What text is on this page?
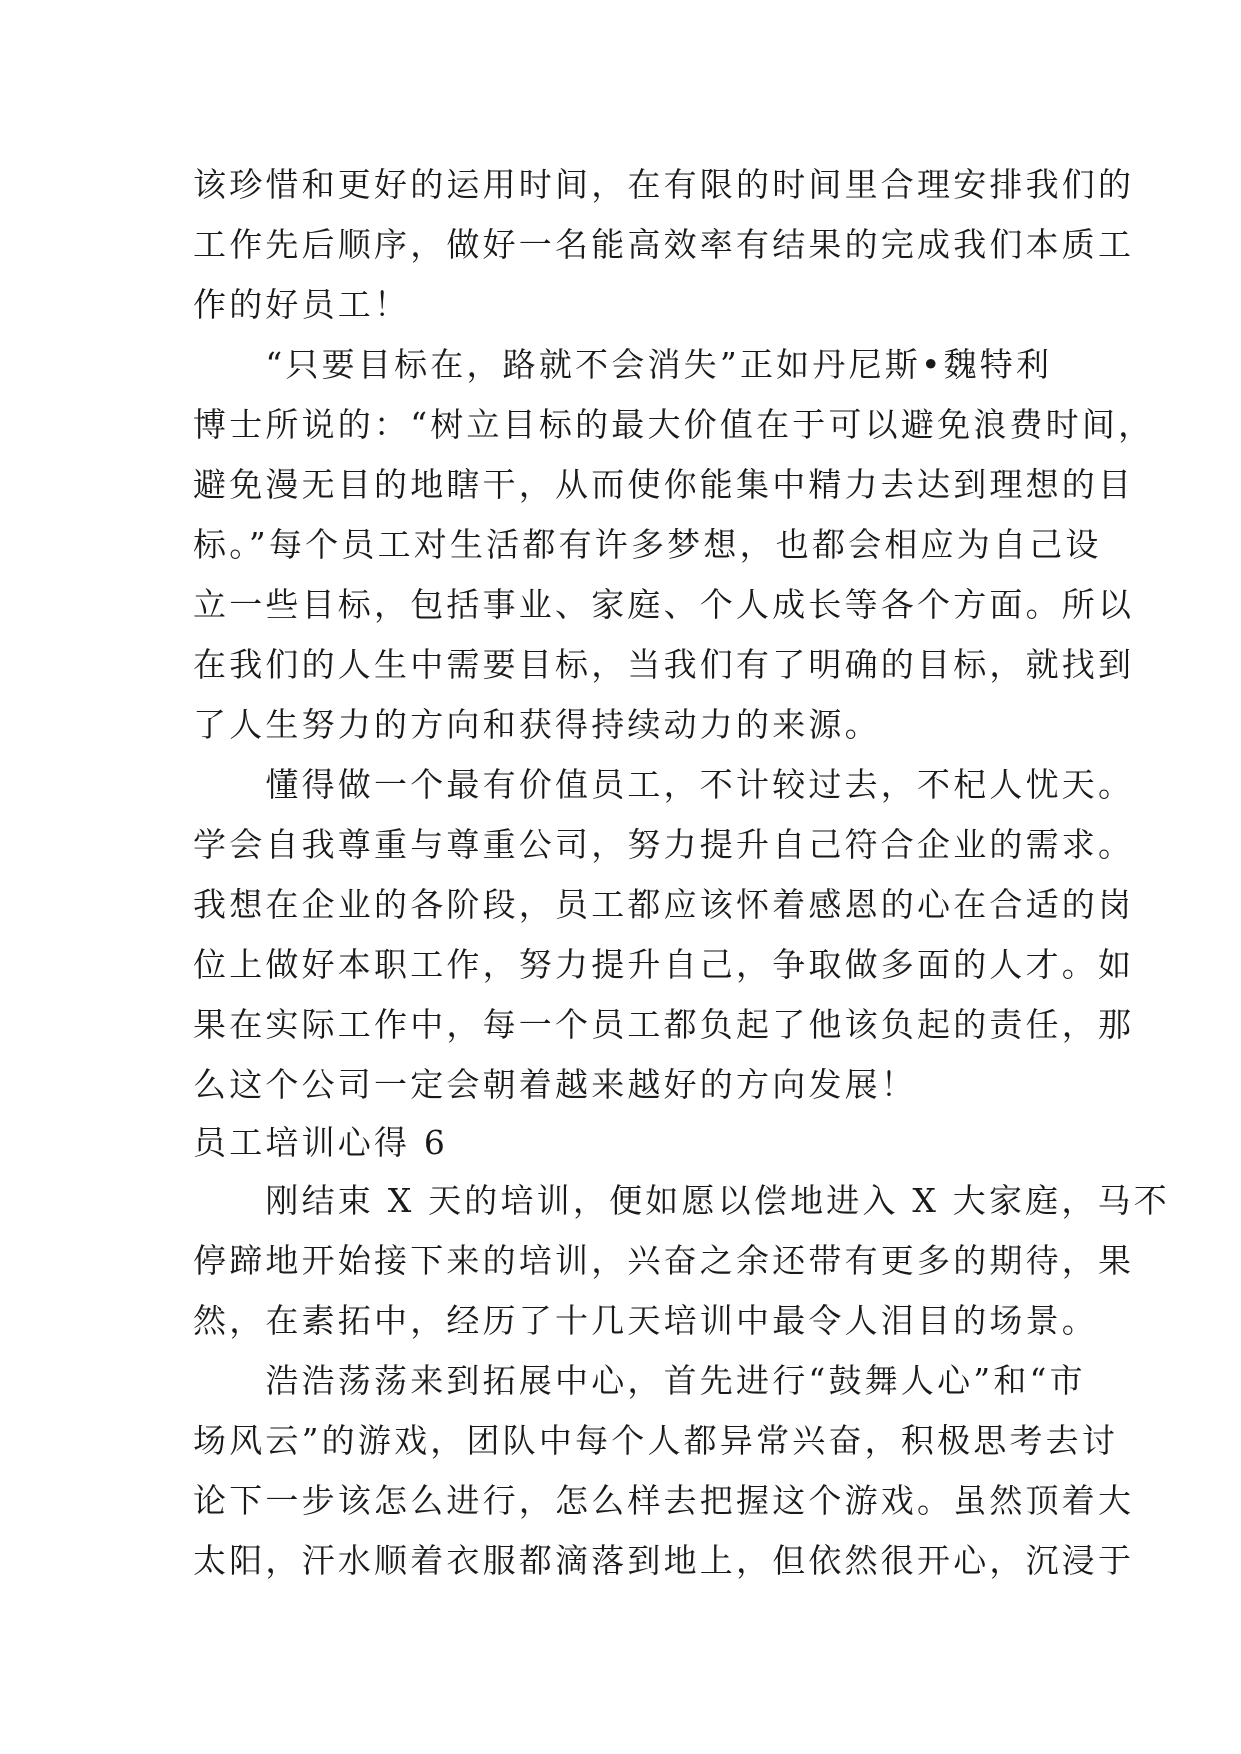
该珍惜和更好的运用时间，在有限的时间里合理安排我们的
工作先后顺序，做好一名能高效率有结果的完成我们本质工
作的好员工！
　　“只要目标在，路就不会消失”正如丹尼斯•魏特利
博士所说的：“树立目标的最大价值在于可以避免浪费时间，
避免漫无目的地瞎干，从而使你能集中精力去达到理想的目
标。”每个员工对生活都有许多梦想，也都会相应为自己设
立一些目标，包括事业、家庭、个人成长等各个方面。所以
在我们的人生中需要目标，当我们有了明确的目标，就找到
了人生努力的方向和获得持续动力的来源。
　　懂得做一个最有价值员工，不计较过去，不杞人忧天。
学会自我尊重与尊重公司，努力提升自己符合企业的需求。
我想在企业的各阶段，员工都应该怀着感恩的心在合适的岗
位上做好本职工作，努力提升自己，争取做多面的人才。如
果在实际工作中，每一个员工都负起了他该负起的责任，那
么这个公司一定会朝着越来越好的方向发展！
员工培训心得 6
　　刚结束 X 天的培训，便如愿以偿地进入 X 大家庭，马不
停蹄地开始接下来的培训，兴奋之余还带有更多的期待，果
然，在素拓中，经历了十几天培训中最令人泪目的场景。
　　浩浩荡荡来到拓展中心，首先进行“鼓舞人心”和“市
场风云”的游戏，团队中每个人都异常兴奋，积极思考去讨
论下一步该怎么进行，怎么样去把握这个游戏。虽然顶着大
太阳，汗水顺着衣服都滴落到地上，但依然很开心，沉浸于
